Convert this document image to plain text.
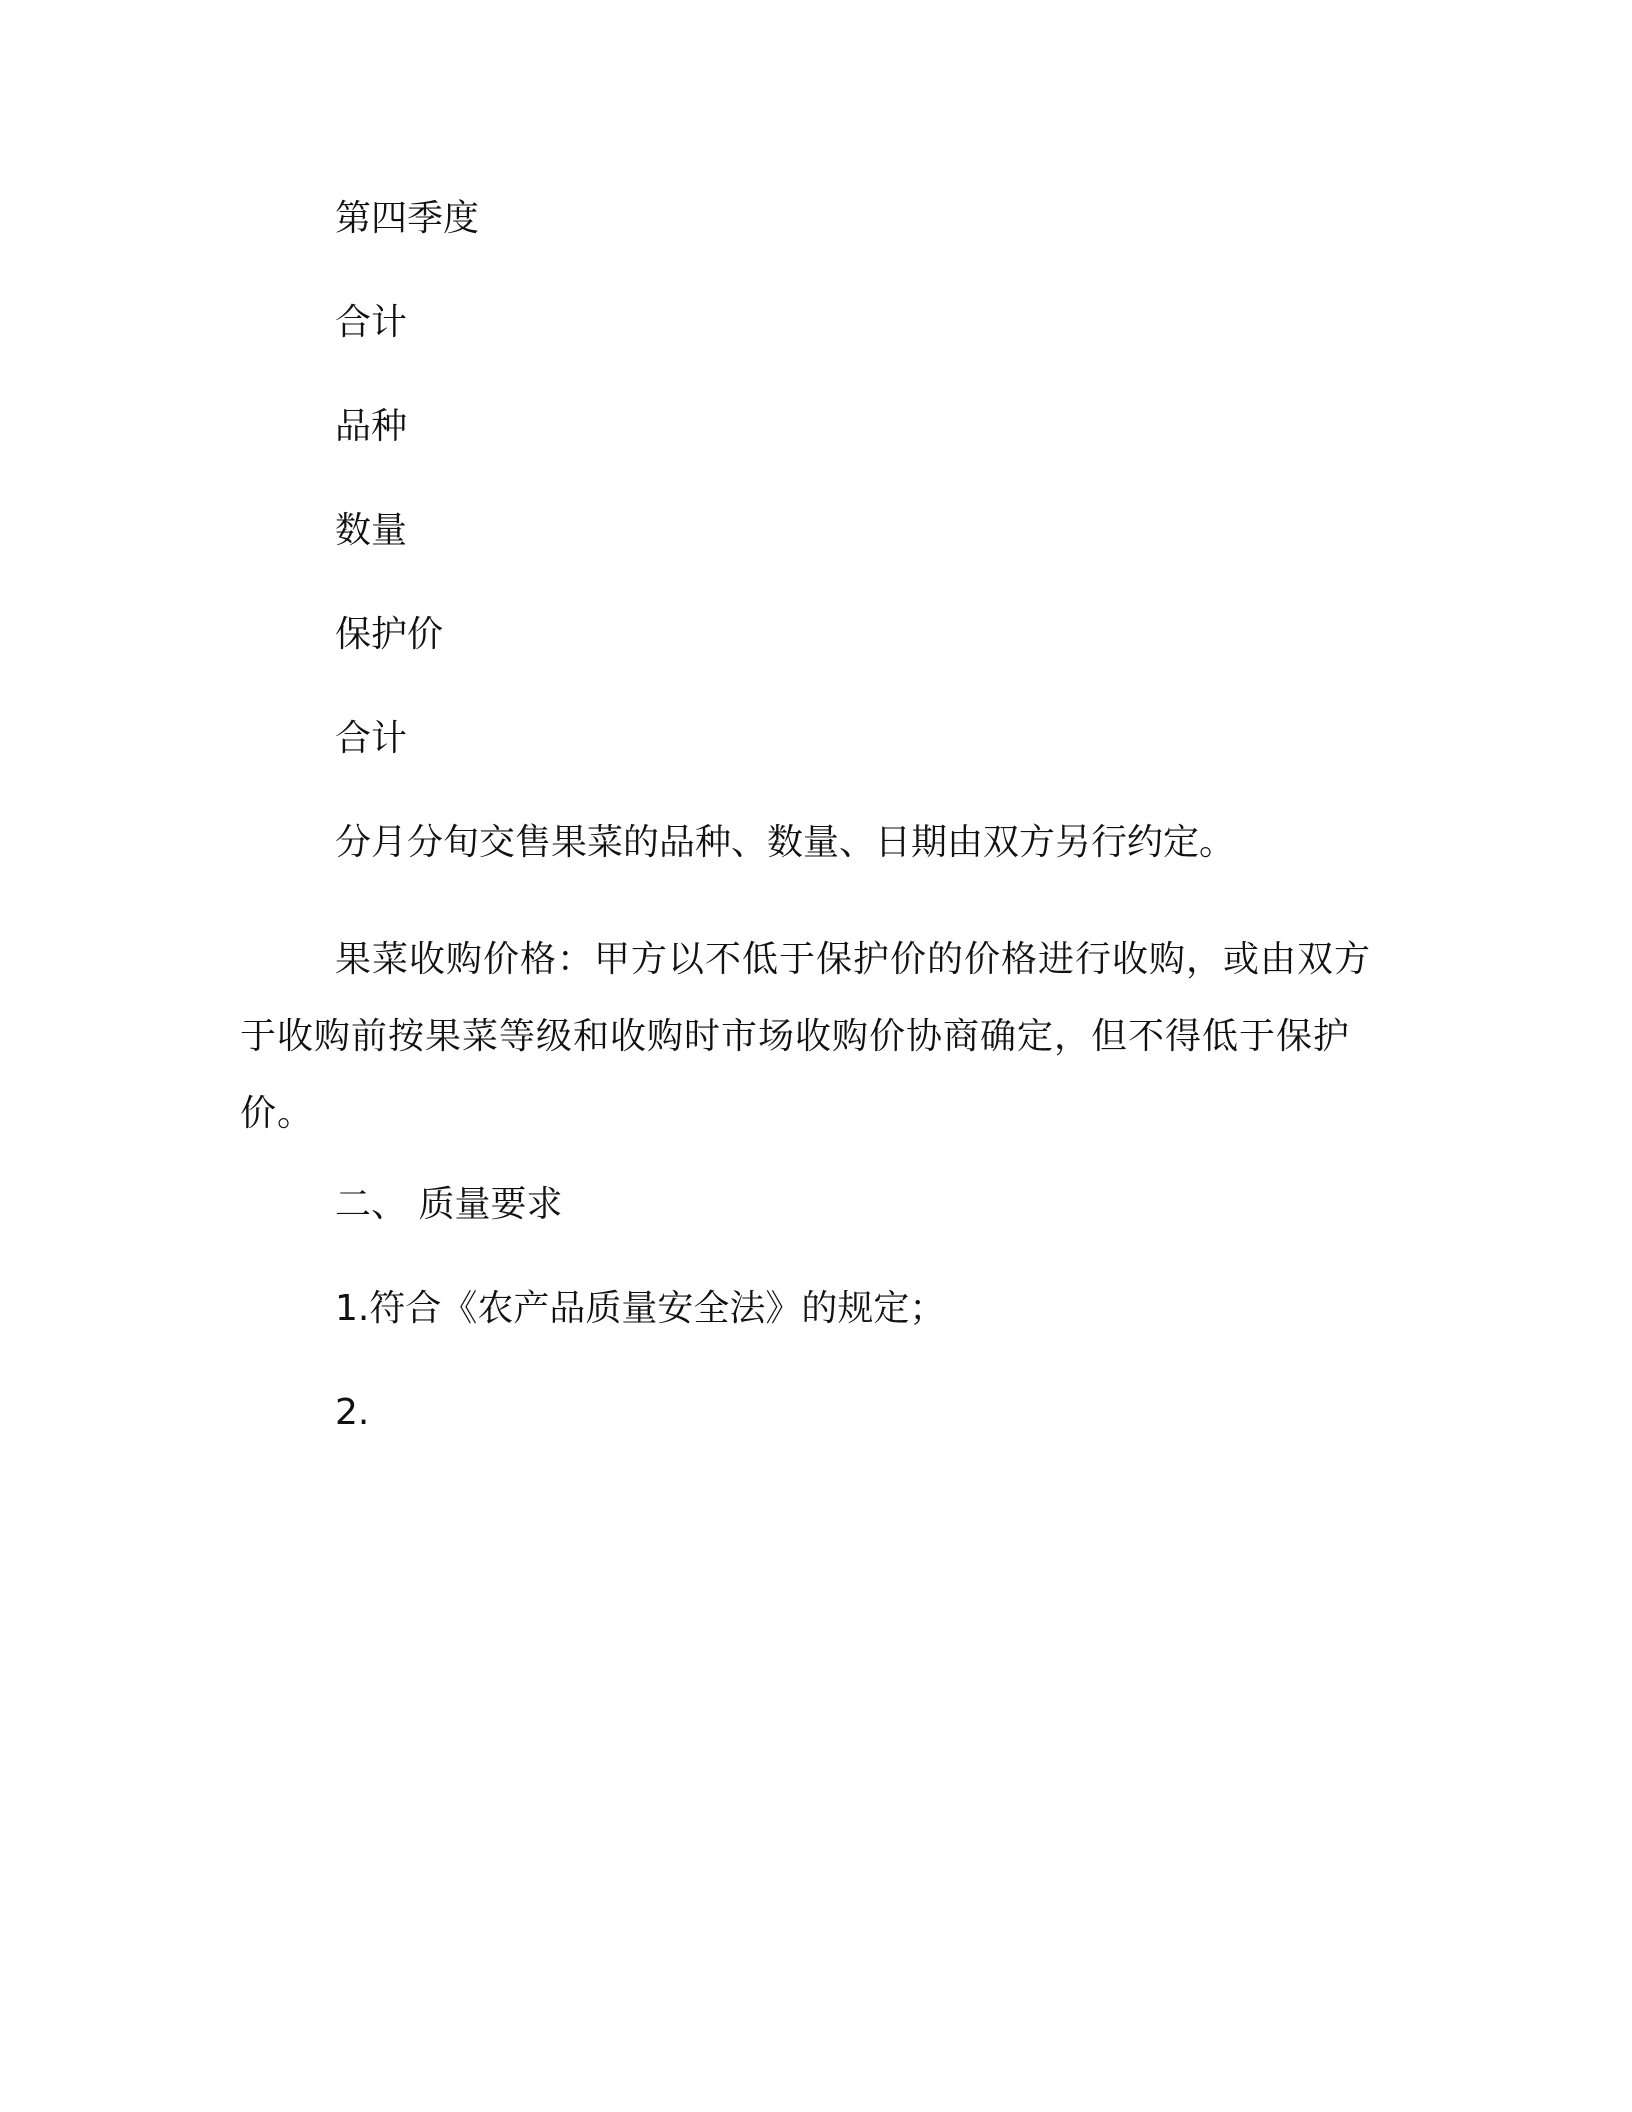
第四季度
合计
品种
数量
保护价
合计
分月分旬交售果菜的品种、数量、日期由双方另行约定。
果菜收购价格：甲方以不低于保护价的价格进行收购，或由双方于收购前按果菜等级和收购时市场收购价协商确定，但不得低于保护价。
二、 质量要求
1.符合《农产品质量安全法》的规定；
2.
